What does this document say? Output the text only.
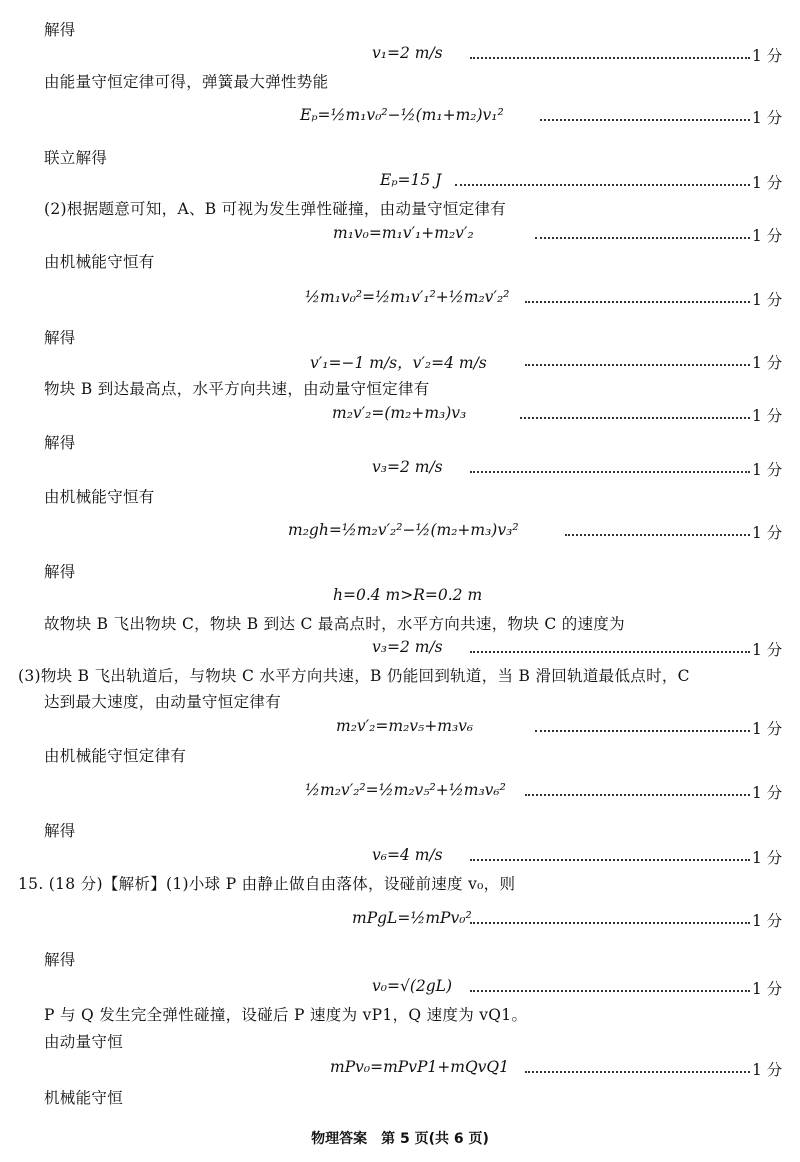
解得
v₁=2 m/s	1 分
由能量守恒定律可得，弹簧最大弹性势能
Eₚ=½m₁v₀²−½(m₁+m₂)v₁²	1 分
联立解得
Eₚ=15 J	1 分
(2)根据题意可知，A、B 可视为发生弹性碰撞，由动量守恒定律有
m₁v₀=m₁v′₁+m₂v′₂	1 分
由机械能守恒有
½m₁v₀²=½m₁v′₁²+½m₂v′₂²	1 分
解得
v′₁=−1 m/s，v′₂=4 m/s	1 分
物块 B 到达最高点，水平方向共速，由动量守恒定律有
m₂v′₂=(m₂+m₃)v₃	1 分
解得
v₃=2 m/s	1 分
由机械能守恒有
m₂gh=½m₂v′₂²−½(m₂+m₃)v₃²	1 分
解得
h=0.4 m>R=0.2 m
故物块 B 飞出物块 C，物块 B 到达 C 最高点时，水平方向共速，物块 C 的速度为
v₃=2 m/s	1 分
(3)物块 B 飞出轨道后，与物块 C 水平方向共速，B 仍能回到轨道，当 B 滑回轨道最低点时，C
达到最大速度，由动量守恒定律有
m₂v′₂=m₂v₅+m₃v₆	1 分
由机械能守恒定律有
½m₂v′₂²=½m₂v₅²+½m₃v₆²	1 分
解得
v₆=4 m/s	1 分
15. (18 分)【解析】(1)小球 P 由静止做自由落体，设碰前速度 v₀，则
mPgL=½mPv₀²	1 分
解得
v₀=√(2gL)	1 分
P 与 Q 发生完全弹性碰撞，设碰后 P 速度为 vP1，Q 速度为 vQ1。
由动量守恒
mPv₀=mPvP1+mQvQ1	1 分
机械能守恒
物理答案　第 5 页(共 6 页)
